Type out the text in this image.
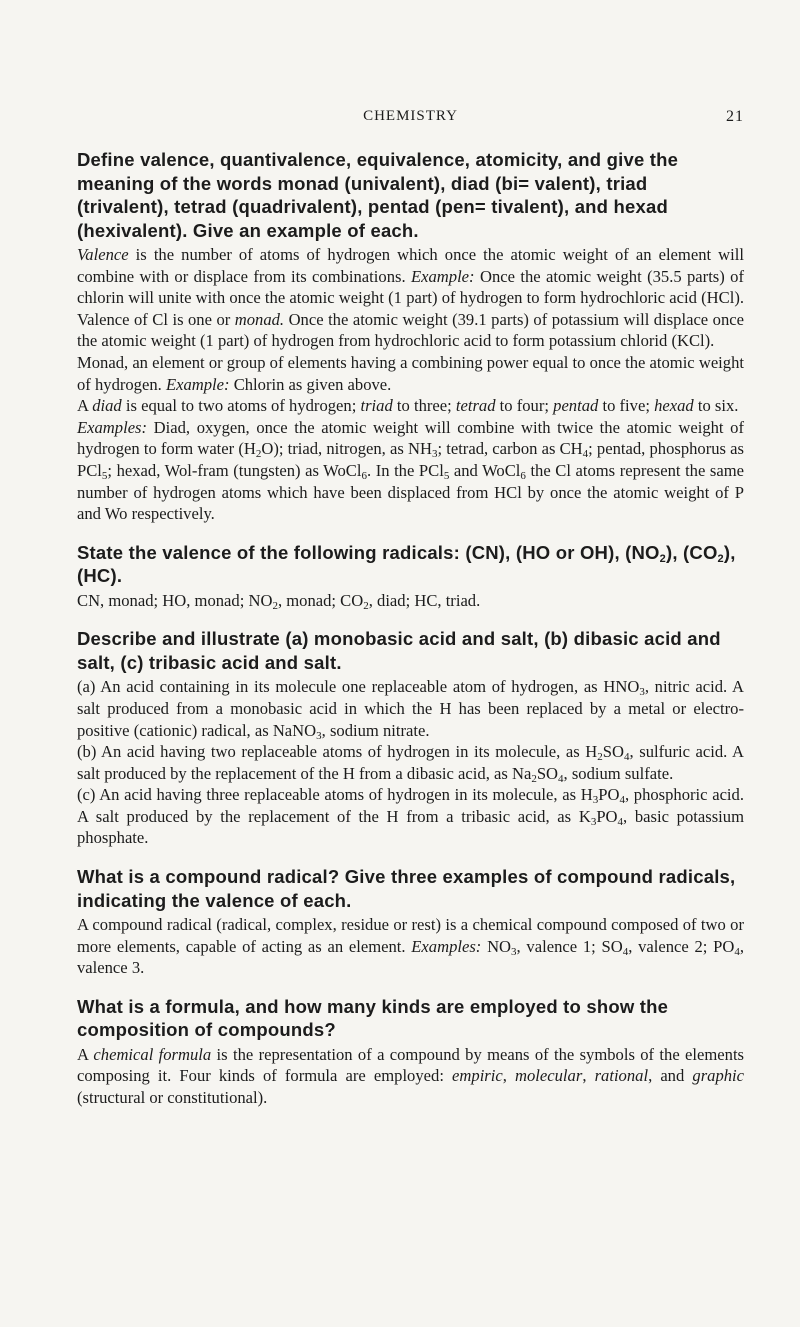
CHEMISTRY	21

Define valence, quantivalence, equivalence, atomicity, and give the meaning of the words monad (univalent), diad (bi= valent), triad (trivalent), tetrad (quadrivalent), pentad (pen= tivalent), and hexad (hexivalent). Give an example of each.

Valence is the number of atoms of hydrogen which once the atomic weight of an element will combine with or displace from its combinations. Example: Once the atomic weight (35.5 parts) of chlorin will unite with once the atomic weight (1 part) of hydrogen to form hydrochloric acid (HCl). Valence of Cl is one or monad. Once the atomic weight (39.1 parts) of potassium will displace once the atomic weight (1 part) of hydrogen from hydrochloric acid to form potassium chlorid (KCl).

Monad, an element or group of elements having a combining power equal to once the atomic weight of hydrogen. Example: Chlorin as given above.

A diad is equal to two atoms of hydrogen; triad to three; tetrad to four; pentad to five; hexad to six.

Examples: Diad, oxygen, once the atomic weight will combine with twice the atomic weight of hydrogen to form water $(H_2O)$; triad, nitrogen, as $NH_3$; tetrad, carbon as $CH_4$; pentad, phosphorus as PCl$_5$; hexad, Wol-fram (tungsten) as WoCl$_6$. In the PCl$_5$ and WoCl$_6$ the Cl atoms represent the same number of hydrogen atoms which have been displaced from HCl by once the atomic weight of P and Wo respectively.

State the valence of the following radicals: (CN), (HO or OH), $(NO_2)$, $(CO_2)$, (HC).

CN, monad; HO, monad; $NO_2$, monad; $CO_2$, diad; HC, triad.

Describe and illustrate (a) monobasic acid and salt, (b) dibasic acid and salt, (c) tribasic acid and salt.

(a) An acid containing in its molecule one replaceable atom of hydrogen, as $HNO_3$, nitric acid. A salt produced from a monobasic acid in which the H has been replaced by a metal or electro-positive (cationic) radical, as NaNO$_3$, sodium nitrate.

(b) An acid having two replaceable atoms of hydrogen in its molecule, as $H_2SO_4$, sulfuric acid. A salt produced by the replacement of the H from a dibasic acid, as $Na_2SO_4$, sodium sulfate.

(c) An acid having three replaceable atoms of hydrogen in its molecule, as $H_3PO_4$, phosphoric acid. A salt produced by the replacement of the H from a tribasic acid, as $K_3PO_4$, basic potassium phosphate.

What is a compound radical? Give three examples of compound radicals, indicating the valence of each.

A compound radical (radical, complex, residue or rest) is a chemical compound composed of two or more elements, capable of acting as an element. Examples: $NO_3$, valence 1; $SO_4$, valence 2; $PO_4$, valence 3.

What is a formula, and how many kinds are employed to show the composition of compounds?

A chemical formula is the representation of a compound by means of the symbols of the elements composing it. Four kinds of formula are employed: empiric, molecular, rational, and graphic (structural or constitutional).
